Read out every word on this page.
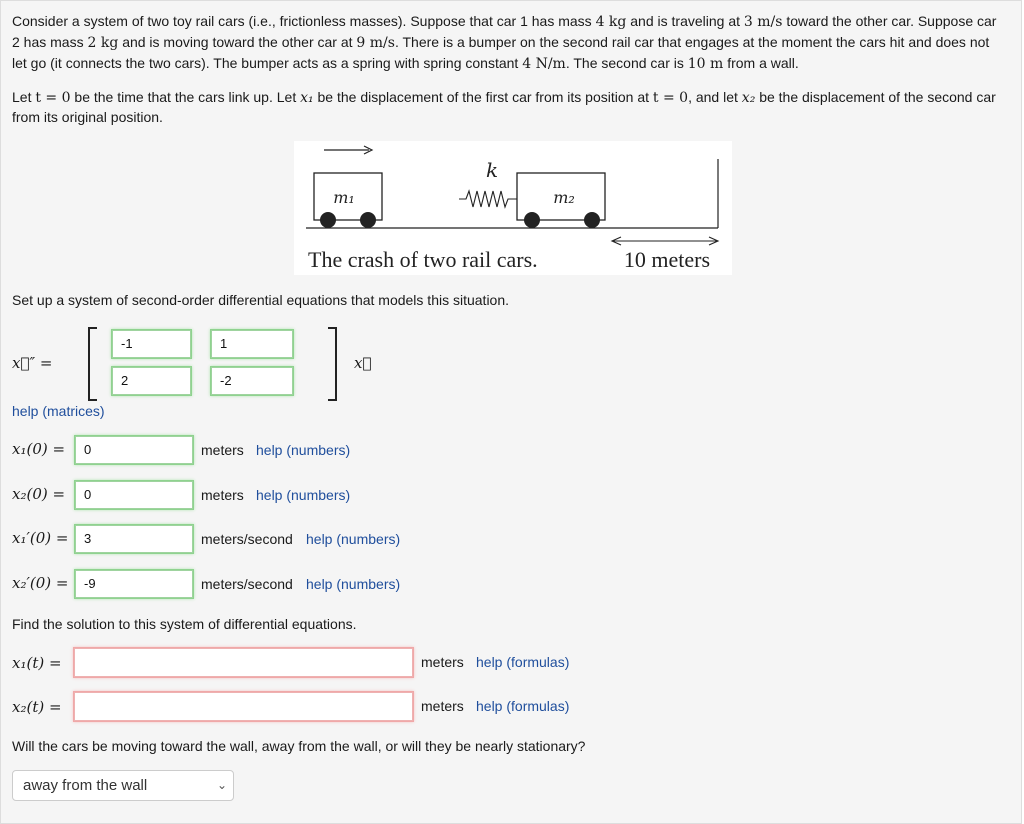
Consider a system of two toy rail cars (i.e., frictionless masses). Suppose that car 1 has mass 4 kg and is traveling at 3 m/s toward the other car. Suppose car
2 has mass 2 kg and is moving toward the other car at 9 m/s. There is a bumper on the second rail car that engages at the moment the cars hit and does not
let go (it connects the two cars). The bumper acts as a spring with spring constant 4 N/m. The second car is 10 m from a wall.
Let t = 0 be the time that the cars link up. Let x₁ be the displacement of the first car from its position at t = 0, and let x₂ be the displacement of the second car
from its original position.
k
m₁	m₂
The crash of two rail cars.	10 meters
Set up a system of second-order differential equations that models this situation.
x⃗″ =
-1	1
2	-2
x⃗
help (matrices)
x₁(0) =	0	meters help (numbers)
x₂(0) =	0	meters help (numbers)
x₁′(0) =	3	meters/second help (numbers)
x₂′(0) =	-9	meters/second help (numbers)
Find the solution to this system of differential equations.
x₁(t) =	meters help (formulas)
x₂(t) =	meters help (formulas)
Will the cars be moving toward the wall, away from the wall, or will they be nearly stationary?
away from the wall	⌄
